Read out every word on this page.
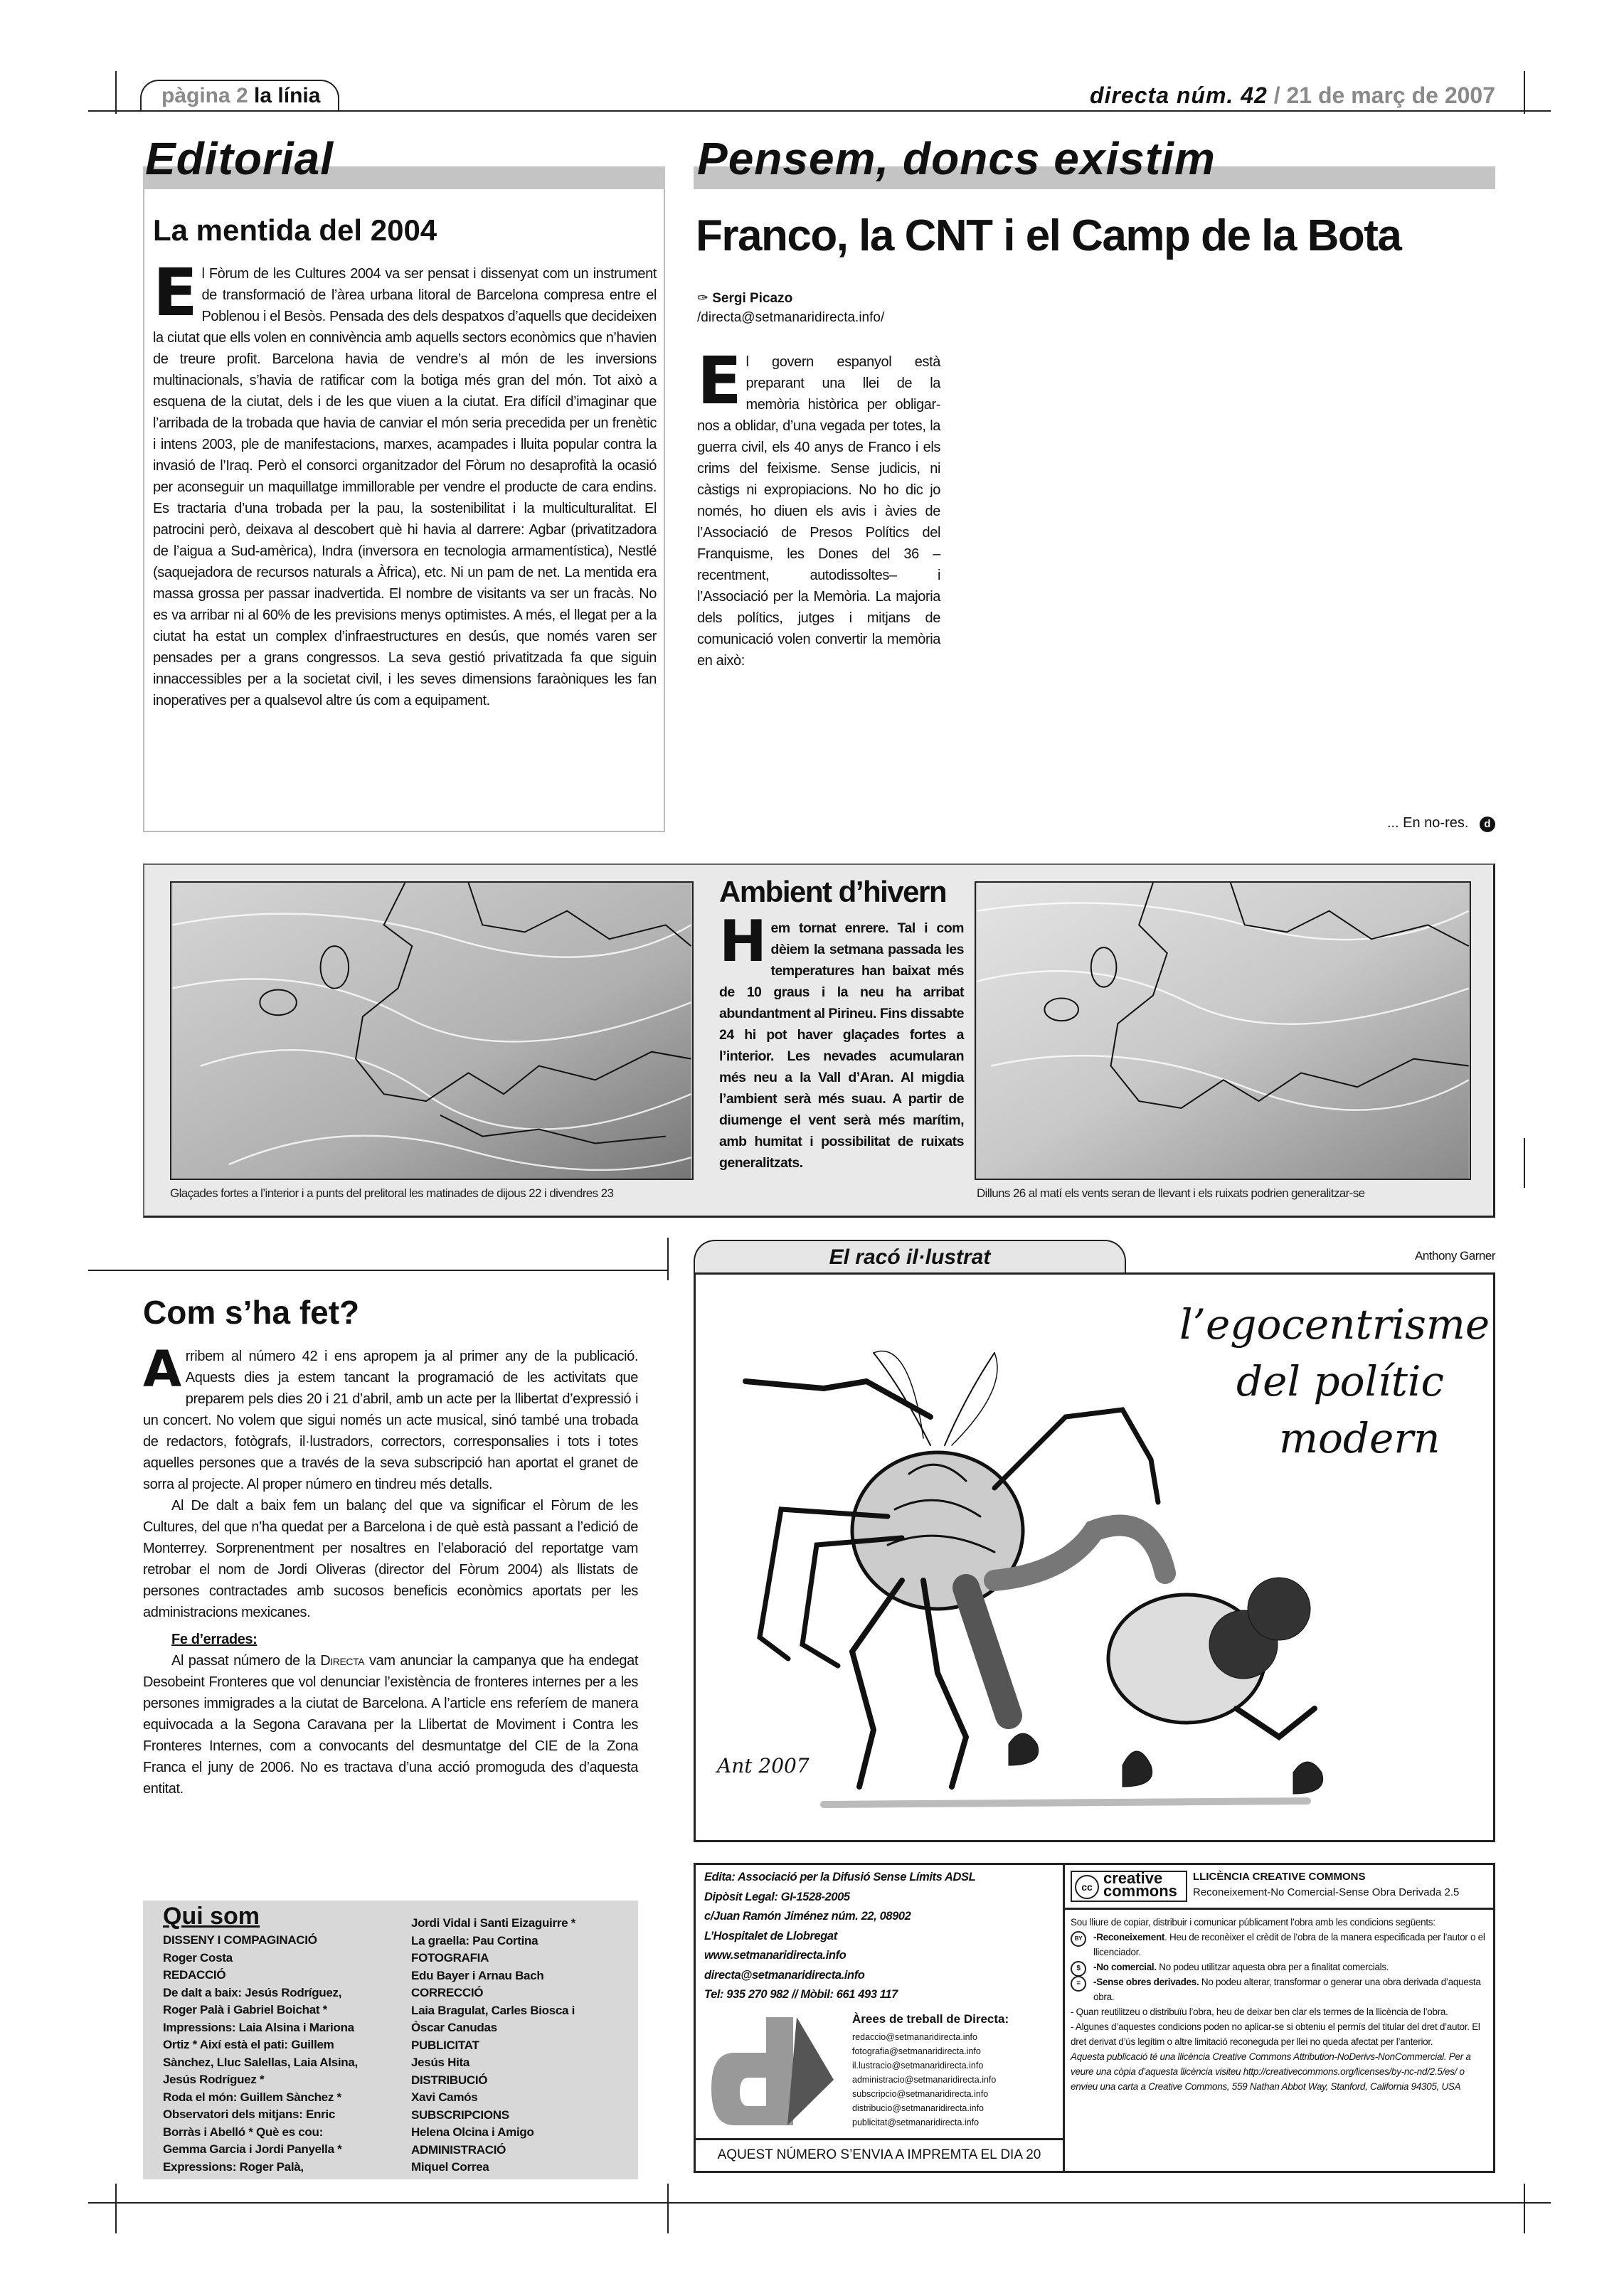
pàgina 2 la línia	directa núm. 42 / 21 de març de 2007
Editorial
La mentida del 2004
El Fòrum de les Cultures 2004 va ser pensat i dissenyat com un instrument de transformació de l’àrea urbana litoral de Barcelona compresa entre el Poblenou i el Besòs. Pensada des dels despatxos d’aquells que decideixen la ciutat que ells volen en connivència amb aquells sectors econòmics que n’havien de treure profit. Barcelona havia de vendre’s al món de les inversions multinacionals, s’havia de ratificar com la botiga més gran del món. Tot això a esquena de la ciutat, dels i de les que viuen a la ciutat. Era difícil d’imaginar que l’arribada de la trobada que havia de canviar el món seria precedida per un frenètic i intens 2003, ple de manifestacions, marxes, acampades i lluita popular contra la invasió de l’Iraq. Però el consorci organitzador del Fòrum no desaprofità la ocasió per aconseguir un maquillatge immillorable per vendre el producte de cara endins. Es tractaria d’una trobada per la pau, la sostenibilitat i la multiculturalitat. El patrocini però, deixava al descobert què hi havia al darrere: Agbar (privatitzadora de l’aigua a Sud-amèrica), Indra (inversora en tecnologia armamentística), Nestlé (saquejadora de recursos naturals a Àfrica), etc. Ni un pam de net. La mentida era massa grossa per passar inadvertida. El nombre de visitants va ser un fracàs. No es va arribar ni al 60% de les previsions menys optimistes. A més, el llegat per a la ciutat ha estat un complex d’infraestructures en desús, que només varen ser pensades per a grans congressos. La seva gestió privatitzada fa que siguin innaccessibles per a la societat civil, i les seves dimensions faraòniques les fan inoperatives per a qualsevol altre ús com a equipament.
Pensem, doncs existim
Franco, la CNT i el Camp de la Bota
✑ Sergi Picazo
/directa@setmanaridirecta.info/
El govern espanyol està preparant una llei de la memòria històrica per obligar-nos a oblidar, d’una vegada per totes, la guerra civil, els 40 anys de Franco i els crims del feixisme. Sense judicis, ni càstigs ni expropiacions. No ho dic jo només, ho diuen els avis i àvies de l’Associació de Presos Polítics del Franquisme, les Dones del 36 –recentment, autodissoltes– i l’Associació per la Memòria. La majoria dels polítics, jutges i mitjans de comunicació volen convertir la memòria en això:
... En no-res. d
Glaçades fortes a l’interior i a punts del prelitoral les matinades de dijous 22 i divendres 23
Ambient d’hivern
Hem tornat enrere. Tal i com dèiem la setmana passada les temperatures han baixat més de 10 graus i la neu ha arribat abundantment al Pirineu. Fins dissabte 24 hi pot haver glaçades fortes a l’interior. Les nevades acumularan més neu a la Vall d’Aran. Al migdia l’ambient serà més suau. A partir de diumenge el vent serà més marítim, amb humitat i possibilitat de ruixats generalitzats.
Dilluns 26 al matí els vents seran de llevant i els ruixats podrien generalitzar-se
Com s’ha fet?

Arribem al número 42 i ens apropem ja al primer any de la publicació. Aquests dies ja estem tancant la programació de les activitats que preparem pels dies 20 i 21 d’abril, amb un acte per la llibertat d’expressió i un concert. No volem que sigui només un acte musical, sinó també una trobada de redactors, fotògrafs, il·lustradors, correctors, corresponsalies i tots i totes aquelles persones que a través de la seva subscripció han aportat el granet de sorra al projecte. Al proper número en tindreu més detalls.

Al De dalt a baix fem un balanç del que va significar el Fòrum de les Cultures, del que n’ha quedat per a Barcelona i de què està passant a l’edició de Monterrey. Sorprenentment per nosaltres en l’elaboració del reportatge vam retrobar el nom de Jordi Oliveras (director del Fòrum 2004) als llistats de persones contractades amb sucosos beneficis econòmics aportats per les administracions mexicanes.

Fe d’errades:

Al passat número de la Directa vam anunciar la campanya que ha endegat Desobeint Fronteres que vol denunciar l’existència de fronteres internes per a les persones immigrades a la ciutat de Barcelona. A l’article ens referíem de manera equivocada a la Segona Caravana per la Llibertat de Moviment i Contra les Fronteres Internes, com a convocants del desmuntatge del CIE de la Zona Franca el juny de 2006. No es tractava d’una acció promoguda des d’aquesta entitat.

Qui som
DISSENY I COMPAGINACIÓ
Roger Costa
REDACCIÓ
De dalt a baix: Jesús Rodríguez,
Roger Palà i Gabriel Boichat *
Impressions: Laia Alsina i Mariona
Ortiz * Així està el pati: Guillem
Sànchez, Lluc Salellas, Laia Alsina,
Jesús Rodríguez *
Roda el món: Guillem Sànchez *
Observatori dels mitjans: Enric
Borràs i Abelló * Què es cou:
Gemma Garcia i Jordi Panyella *
Expressions: Roger Palà,
Jordi Vidal i Santi Eizaguirre *
La graella: Pau Cortina
FOTOGRAFIA
Edu Bayer i Arnau Bach
CORRECCIÓ
Laia Bragulat, Carles Biosca i
Òscar Canudas
PUBLICITAT
Jesús Hita
DISTRIBUCIÓ
Xavi Camós
SUBSCRIPCIONS
Helena Olcina i Amigo
ADMINISTRACIÓ
Miquel Correa
El racó il·lustrat	Anthony Garner
l’egocentrisme
del polític
modern
Ant 2007
Edita: Associació per la Difusió Sense Límits ADSL
Dipòsit Legal: GI-1528-2005
c/Juan Ramón Jiménez núm. 22, 08902
L’Hospitalet de Llobregat
www.setmanaridirecta.info
directa@setmanaridirecta.info
Tel: 935 270 982 // Mòbil: 661 493 117
Àrees de treball de Directa:
redaccio@setmanaridirecta.info
fotografia@setmanaridirecta.info
il.lustracio@setmanaridirecta.info
administracio@setmanaridirecta.info
subscripcio@setmanaridirecta.info
distribucio@setmanaridirecta.info
publicitat@setmanaridirecta.info
AQUEST NÚMERO S’ENVIA A IMPREMTA EL DIA 20
cc creative
commons
LLICÈNCIA CREATIVE COMMONS
Reconeixement-No Comercial-Sense Obra Derivada 2.5
Sou lliure de copiar, distribuir i comunicar públicament l’obra amb les condicions següents:
BY	-Reconeixement. Heu de reconèixer el crèdit de l’obra de la manera especificada per l’autor o el llicenciador.
$	-No comercial. No podeu utilitzar aquesta obra per a finalitat comercials.
=	-Sense obres derivades. No podeu alterar, transformar o generar una obra derivada d’aquesta obra.
- Quan reutilitzeu o distribuïu l’obra, heu de deixar ben clar els termes de la llicència de l’obra.
- Algunes d’aquestes condicions poden no aplicar-se si obteniu el permís del titular del dret d’autor. El dret derivat d’ús legítim o altre limitació reconeguda per llei no queda afectat per l’anterior.
Aquesta publicació té una llicència Creative Commons Attribution-NoDerivs-NonCommercial. Per a veure una còpia d’aquesta llicència visiteu http://creativecommons.org/licenses/by-nc-nd/2.5/es/ o envieu una carta a Creative Commons, 559 Nathan Abbot Way, Stanford, California 94305, USA
